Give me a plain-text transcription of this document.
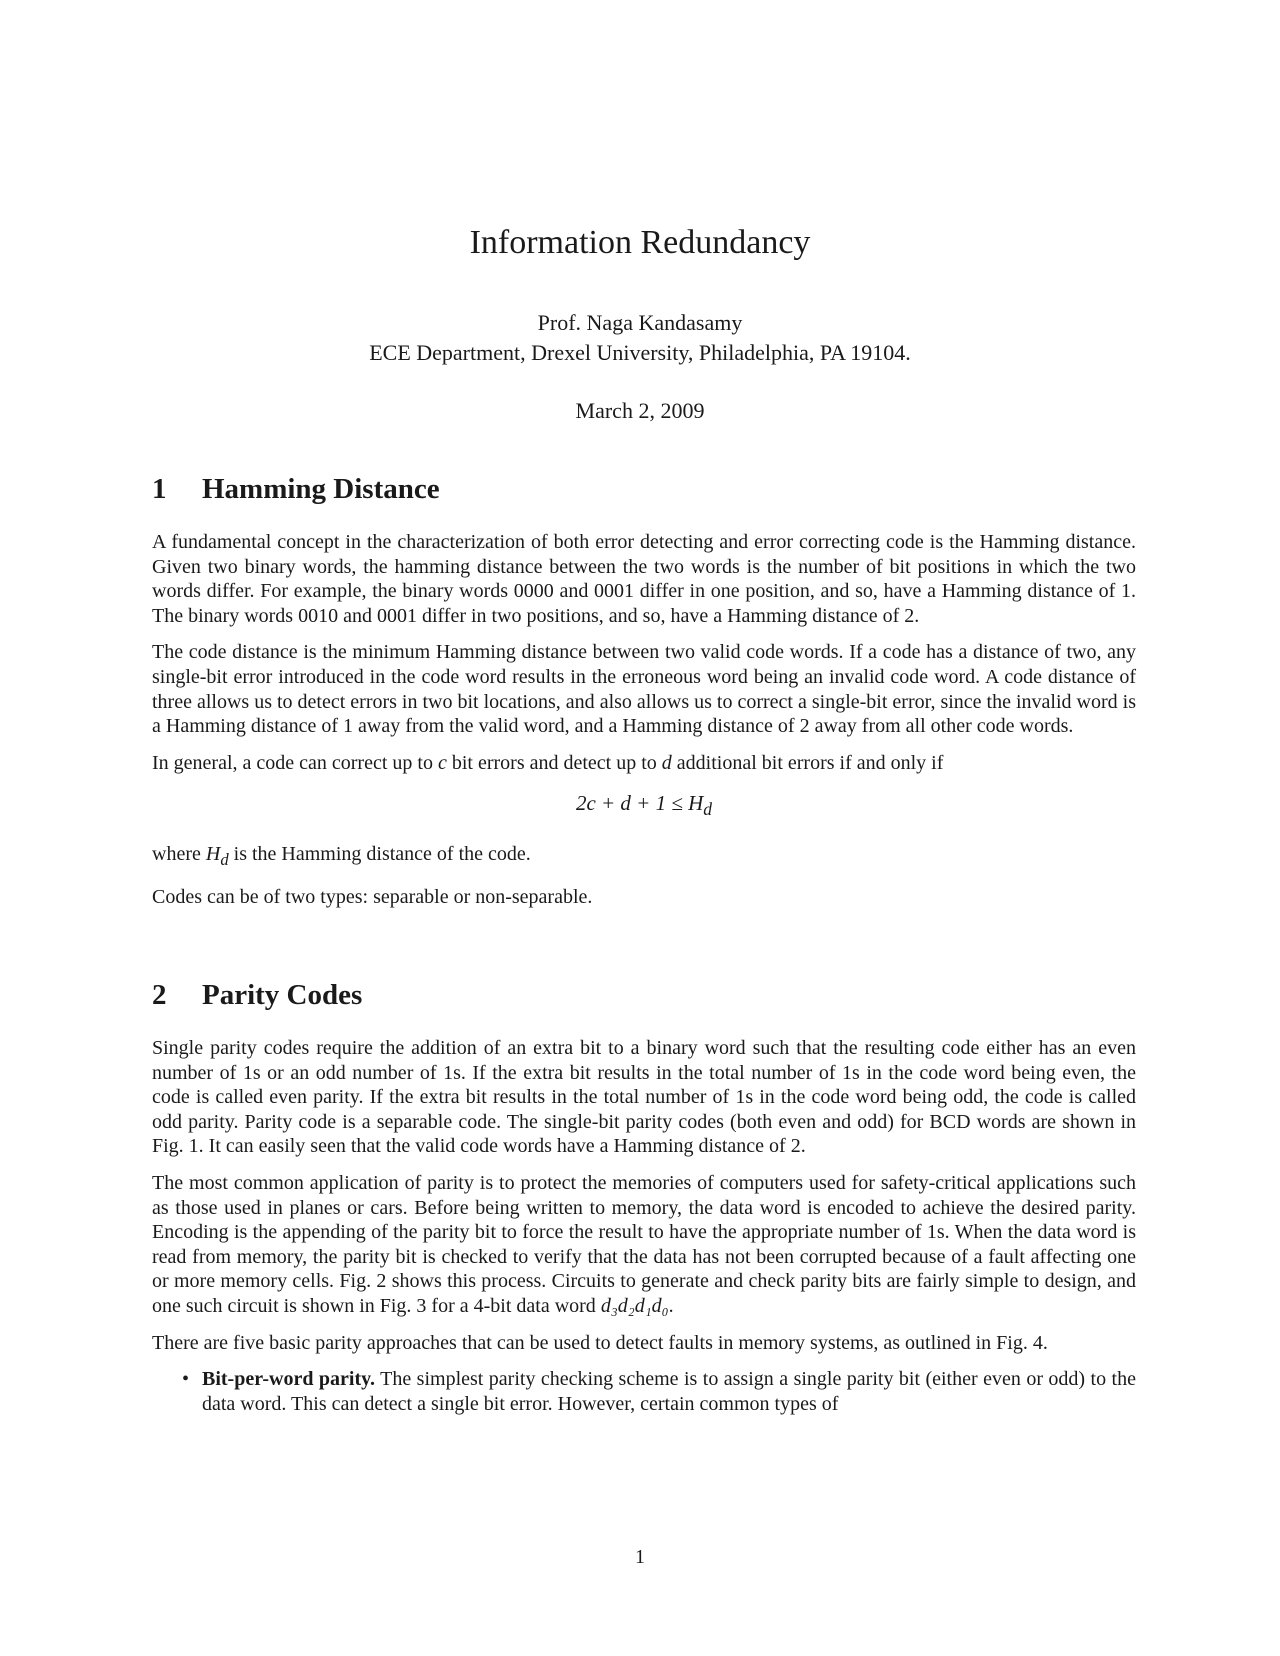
Information Redundancy
Prof. Naga Kandasamy
ECE Department, Drexel University, Philadelphia, PA 19104.
March 2, 2009
1 Hamming Distance

A fundamental concept in the characterization of both error detecting and error correcting code is the Hamming distance. Given two binary words, the hamming distance between the two words is the number of bit positions in which the two words differ. For example, the binary words 0000 and 0001 differ in one position, and so, have a Hamming distance of 1. The binary words 0010 and 0001 differ in two positions, and so, have a Hamming distance of 2.

The code distance is the minimum Hamming distance between two valid code words. If a code has a distance of two, any single-bit error introduced in the code word results in the erroneous word being an invalid code word. A code distance of three allows us to detect errors in two bit locations, and also allows us to correct a single-bit error, since the invalid word is a Hamming distance of 1 away from the valid word, and a Hamming distance of 2 away from all other code words.

In general, a code can correct up to c bit errors and detect up to d additional bit errors if and only if

$2c + d + 1 \le H_d$

where $H_d$ is the Hamming distance of the code.

Codes can be of two types: separable or non-separable.

2 Parity Codes

Single parity codes require the addition of an extra bit to a binary word such that the resulting code either has an even number of 1s or an odd number of 1s. If the extra bit results in the total number of 1s in the code word being even, the code is called even parity. If the extra bit results in the total number of 1s in the code word being odd, the code is called odd parity. Parity code is a separable code. The single-bit parity codes (both even and odd) for BCD words are shown in Fig. 1. It can easily seen that the valid code words have a Hamming distance of 2.

The most common application of parity is to protect the memories of computers used for safety-critical applications such as those used in planes or cars. Before being written to memory, the data word is encoded to achieve the desired parity. Encoding is the appending of the parity bit to force the result to have the appropriate number of 1s. When the data word is read from memory, the parity bit is checked to verify that the data has not been corrupted because of a fault affecting one or more memory cells. Fig. 2 shows this process. Circuits to generate and check parity bits are fairly simple to design, and one such circuit is shown in Fig. 3 for a 4-bit data word d₃d₂d₁d₀.

There are five basic parity approaches that can be used to detect faults in memory systems, as outlined in Fig. 4.

• Bit-per-word parity. The simplest parity checking scheme is to assign a single parity bit (either even or odd) to the data word. This can detect a single bit error. However, certain common types of
1
